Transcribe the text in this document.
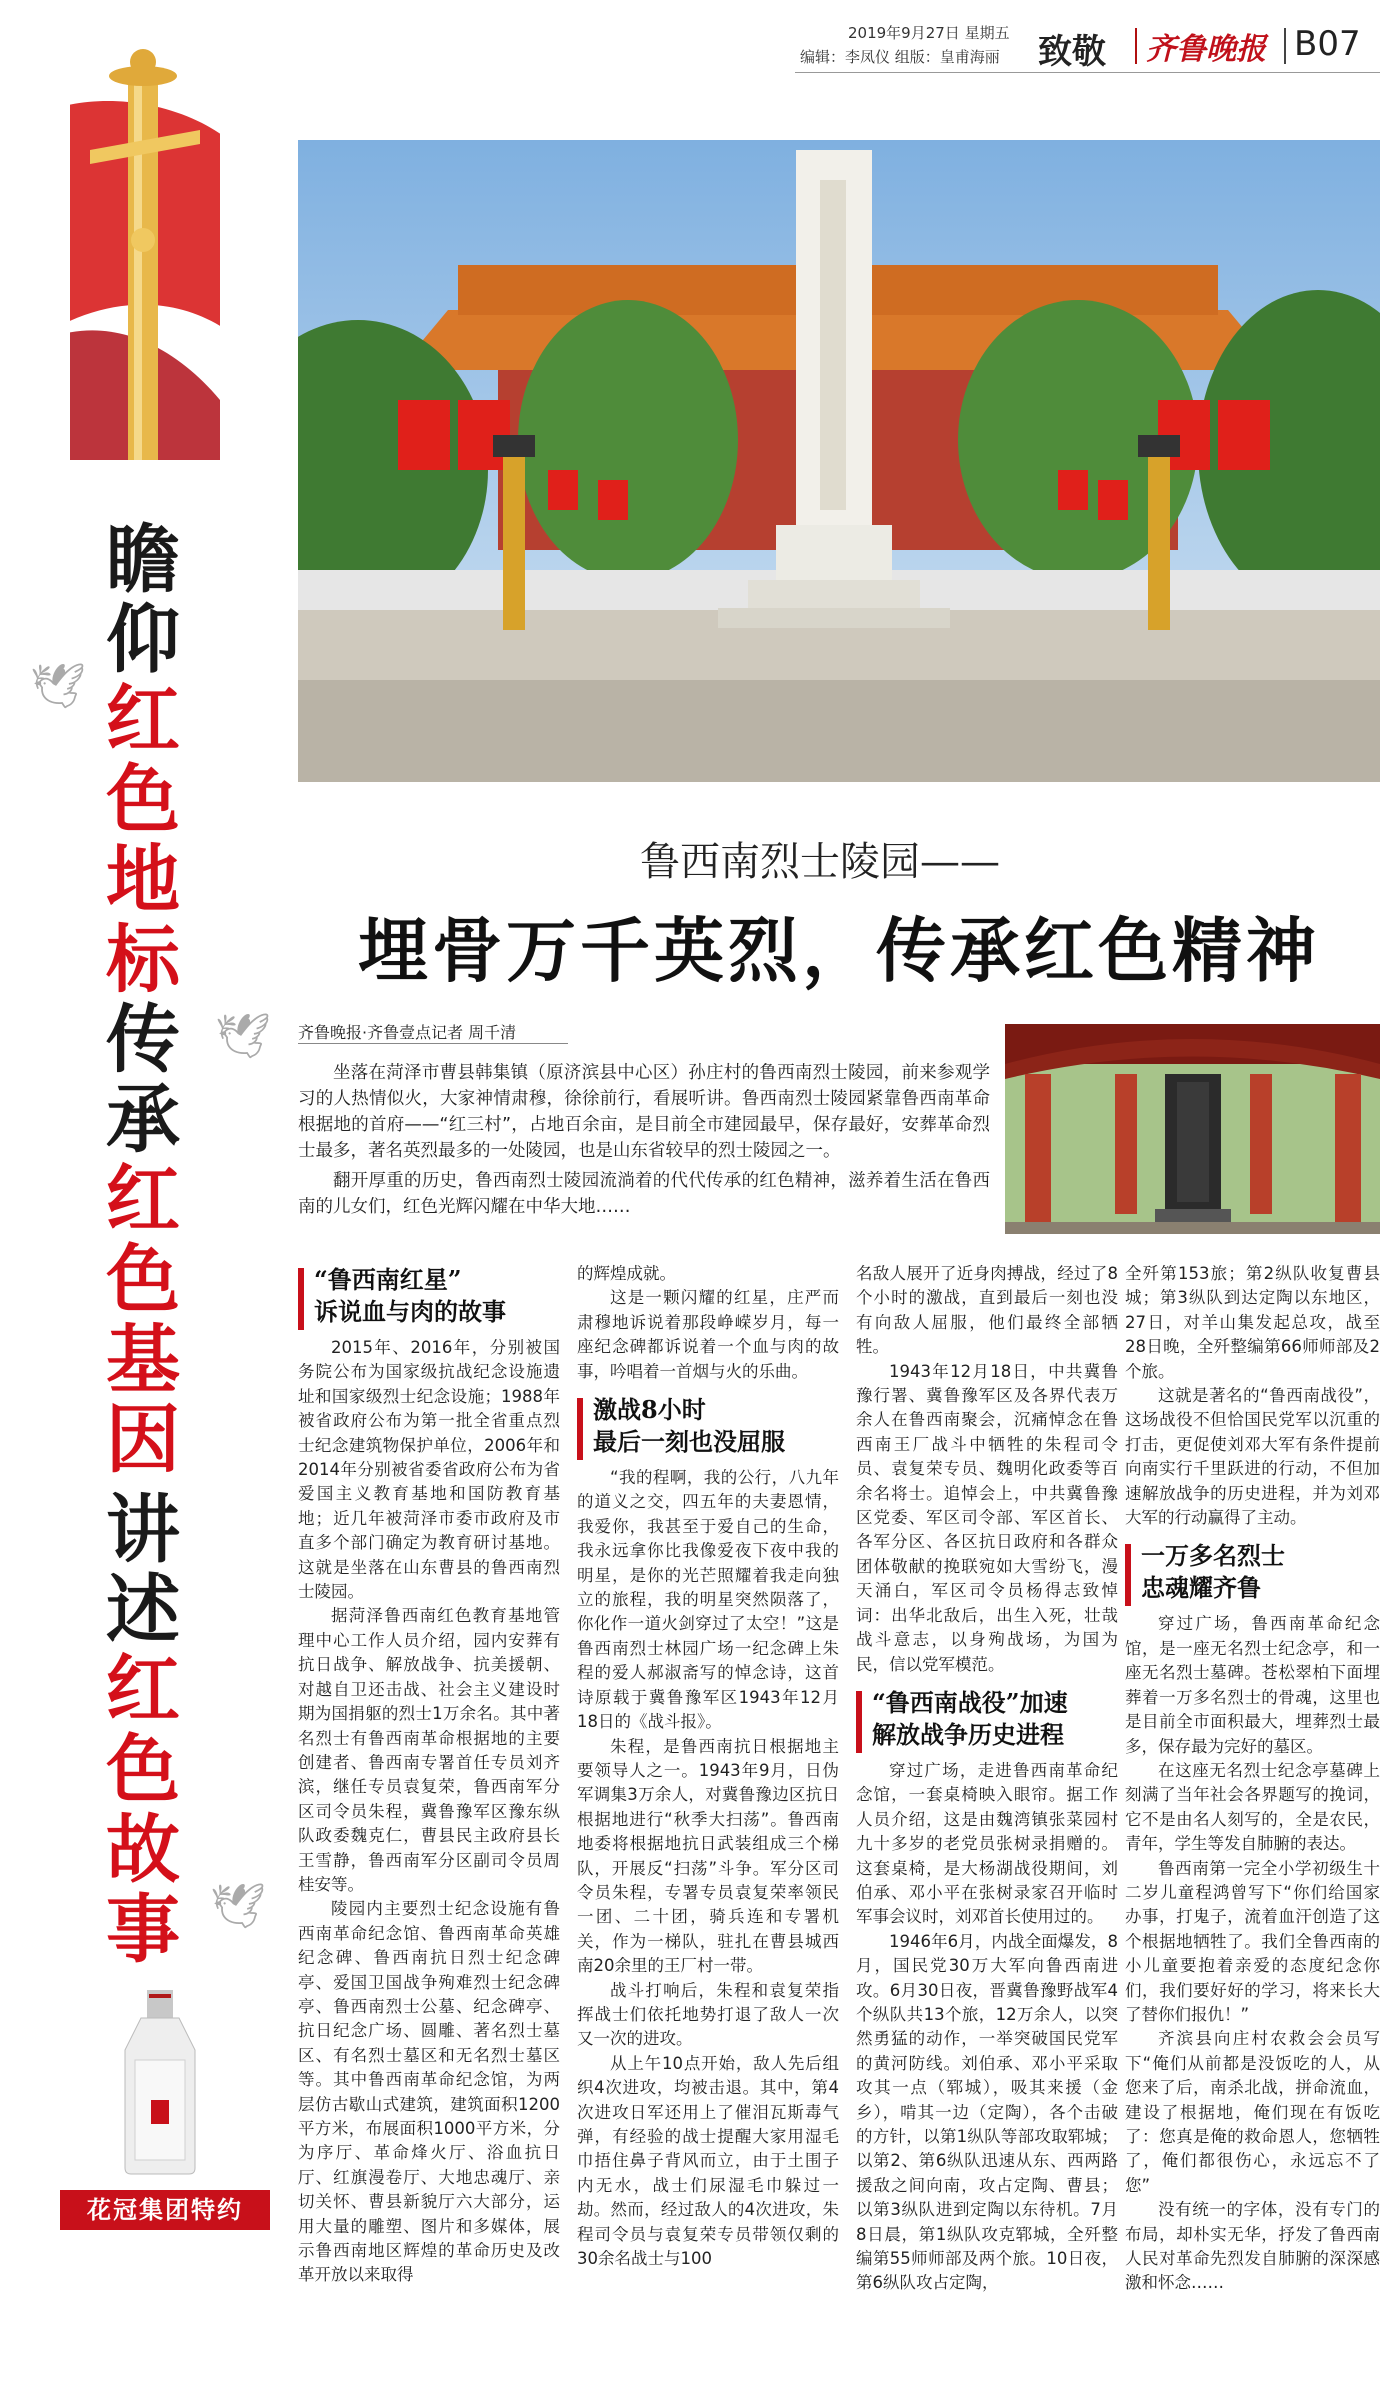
2019年9月27日 星期五
编辑：李凤仪 组版：皇甫海丽 致敬 齐鲁晚报 B07
🕊
🕊
🕊
瞻仰红色地标
传承红色基因
讲述红色故事
花冠集团特约
鲁西南烈士陵园——
埋骨万千英烈，传承红色精神
齐鲁晚报·齐鲁壹点记者 周千清

坐落在菏泽市曹县韩集镇（原济滨县中心区）孙庄村的鲁西南烈士陵园，前来参观学习的人热情似火，大家神情肃穆，徐徐前行，看展听讲。鲁西南烈士陵园紧靠鲁西南革命根据地的首府——“红三村”，占地百余亩，是目前全市建园最早，保存最好，安葬革命烈士最多，著名英烈最多的一处陵园，也是山东省较早的烈士陵园之一。

翻开厚重的历史，鲁西南烈士陵园流淌着的代代传承的红色精神，滋养着生活在鲁西南的儿女们，红色光辉闪耀在中华大地……

“鲁西南红星”
诉说血与肉的故事

2015年、2016年，分别被国务院公布为国家级抗战纪念设施遗址和国家级烈士纪念设施；1988年被省政府公布为第一批全省重点烈士纪念建筑物保护单位，2006年和2014年分别被省委省政府公布为省爱国主义教育基地和国防教育基地；近几年被菏泽市委市政府及市直多个部门确定为教育研讨基地。这就是坐落在山东曹县的鲁西南烈士陵园。

据菏泽鲁西南红色教育基地管理中心工作人员介绍，园内安葬有抗日战争、解放战争、抗美援朝、对越自卫还击战、社会主义建设时期为国捐躯的烈士1万余名。其中著名烈士有鲁西南革命根据地的主要创建者、鲁西南专署首任专员刘齐滨，继任专员袁复荣，鲁西南军分区司令员朱程，冀鲁豫军区豫东纵队政委魏克仁，曹县民主政府县长王雪静，鲁西南军分区副司令员周桂安等。

陵园内主要烈士纪念设施有鲁西南革命纪念馆、鲁西南革命英雄纪念碑、鲁西南抗日烈士纪念碑亭、爱国卫国战争殉难烈士纪念碑亭、鲁西南烈士公墓、纪念碑亭、抗日纪念广场、圆雕、著名烈士墓区、有名烈士墓区和无名烈士墓区等。其中鲁西南革命纪念馆，为两层仿古歇山式建筑，建筑面积1200平方米，布展面积1000平方米，分为序厅、革命烽火厅、浴血抗日厅、红旗漫卷厅、大地忠魂厅、亲切关怀、曹县新貌厅六大部分，运用大量的雕塑、图片和多媒体，展示鲁西南地区辉煌的革命历史及改革开放以来取得

的辉煌成就。

这是一颗闪耀的红星，庄严而肃穆地诉说着那段峥嵘岁月，每一座纪念碑都诉说着一个血与肉的故事，吟唱着一首烟与火的乐曲。

激战8小时
最后一刻也没屈服

“我的程啊，我的公行，八九年的道义之交，四五年的夫妻恩情，我爱你，我甚至于爱自己的生命，我永远拿你比我像爱夜下夜中我的明星，是你的光芒照耀着我走向独立的旅程，我的明星突然陨落了，你化作一道火剑穿过了太空！”这是鲁西南烈士林园广场一纪念碑上朱程的爱人郝淑斋写的悼念诗，这首诗原载于冀鲁豫军区1943年12月18日的《战斗报》。

朱程，是鲁西南抗日根据地主要领导人之一。1943年9月，日伪军调集3万余人，对冀鲁豫边区抗日根据地进行“秋季大扫荡”。鲁西南地委将根据地抗日武装组成三个梯队，开展反“扫荡”斗争。军分区司令员朱程，专署专员袁复荣率领民一团、二十团，骑兵连和专署机关，作为一梯队，驻扎在曹县城西南20余里的王厂村一带。

战斗打响后，朱程和袁复荣指挥战士们依托地势打退了敌人一次又一次的进攻。

从上午10点开始，敌人先后组织4次进攻，均被击退。其中，第4次进攻日军还用上了催泪瓦斯毒气弹，有经验的战士提醒大家用湿毛巾捂住鼻子背风而立，由于土围子内无水，战士们尿湿毛巾躲过一劫。然而，经过敌人的4次进攻，朱程司令员与袁复荣专员带领仅剩的30余名战士与100

名敌人展开了近身肉搏战，经过了8个小时的激战，直到最后一刻也没有向敌人屈服，他们最终全部牺牲。

1943年12月18日，中共冀鲁豫行署、冀鲁豫军区及各界代表万余人在鲁西南聚会，沉痛悼念在鲁西南王厂战斗中牺牲的朱程司令员、袁复荣专员、魏明化政委等百余名将士。追悼会上，中共冀鲁豫区党委、军区司令部、军区首长、各军分区、各区抗日政府和各群众团体敬献的挽联宛如大雪纷飞，漫天涌白，军区司令员杨得志致悼词：出华北敌后，出生入死，壮哉战斗意志，以身殉战场，为国为民，信以党军模范。

“鲁西南战役”加速
解放战争历史进程

穿过广场，走进鲁西南革命纪念馆，一套桌椅映入眼帘。据工作人员介绍，这是由魏湾镇张菜园村九十多岁的老党员张树录捐赠的。这套桌椅，是大杨湖战役期间，刘伯承、邓小平在张树录家召开临时军事会议时，刘邓首长使用过的。

1946年6月，内战全面爆发，8月，国民党30万大军向鲁西南进攻。6月30日夜，晋冀鲁豫野战军4个纵队共13个旅，12万余人，以突然勇猛的动作，一举突破国民党军的黄河防线。刘伯承、邓小平采取攻其一点（郓城），吸其来援（金乡），啃其一边（定陶），各个击破的方针，以第1纵队等部攻取郓城；以第2、第6纵队迅速从东、西两路援敌之间向南，攻占定陶、曹县；以第3纵队进到定陶以东待机。7月8日晨，第1纵队攻克郓城，全歼整编第55师师部及两个旅。10日夜，第6纵队攻占定陶，

全歼第153旅；第2纵队收复曹县城；第3纵队到达定陶以东地区，27日，对羊山集发起总攻，战至28日晚，全歼整编第66师师部及2个旅。

这就是著名的“鲁西南战役”，这场战役不但恰国民党军以沉重的打击，更促使刘邓大军有条件提前向南实行千里跃进的行动，不但加速解放战争的历史进程，并为刘邓大军的行动赢得了主动。

一万多名烈士
忠魂耀齐鲁

穿过广场，鲁西南革命纪念馆，是一座无名烈士纪念亭，和一座无名烈士墓碑。苍松翠柏下面埋葬着一万多名烈士的骨魂，这里也是目前全市面积最大，埋葬烈士最多，保存最为完好的墓区。

在这座无名烈士纪念亭墓碑上刻满了当年社会各界题写的挽词，它不是由名人刻写的，全是农民，青年，学生等发自肺腑的表达。

鲁西南第一完全小学初级生十二岁儿童程鸿曾写下“你们给国家办事，打鬼子，流着血汗创造了这个根据地牺牲了。我们全鲁西南的小儿童要抱着亲爱的态度纪念你们，我们要好好的学习，将来长大了替你们报仇！”

齐滨县向庄村农救会会员写下“俺们从前都是没饭吃的人，从您来了后，南杀北战，拼命流血，建设了根据地，俺们现在有饭吃了：您真是俺的救命恩人，您牺牲了，俺们都很伤心，永远忘不了您”

没有统一的字体，没有专门的布局，却朴实无华，抒发了鲁西南人民对革命先烈发自肺腑的深深感激和怀念……
